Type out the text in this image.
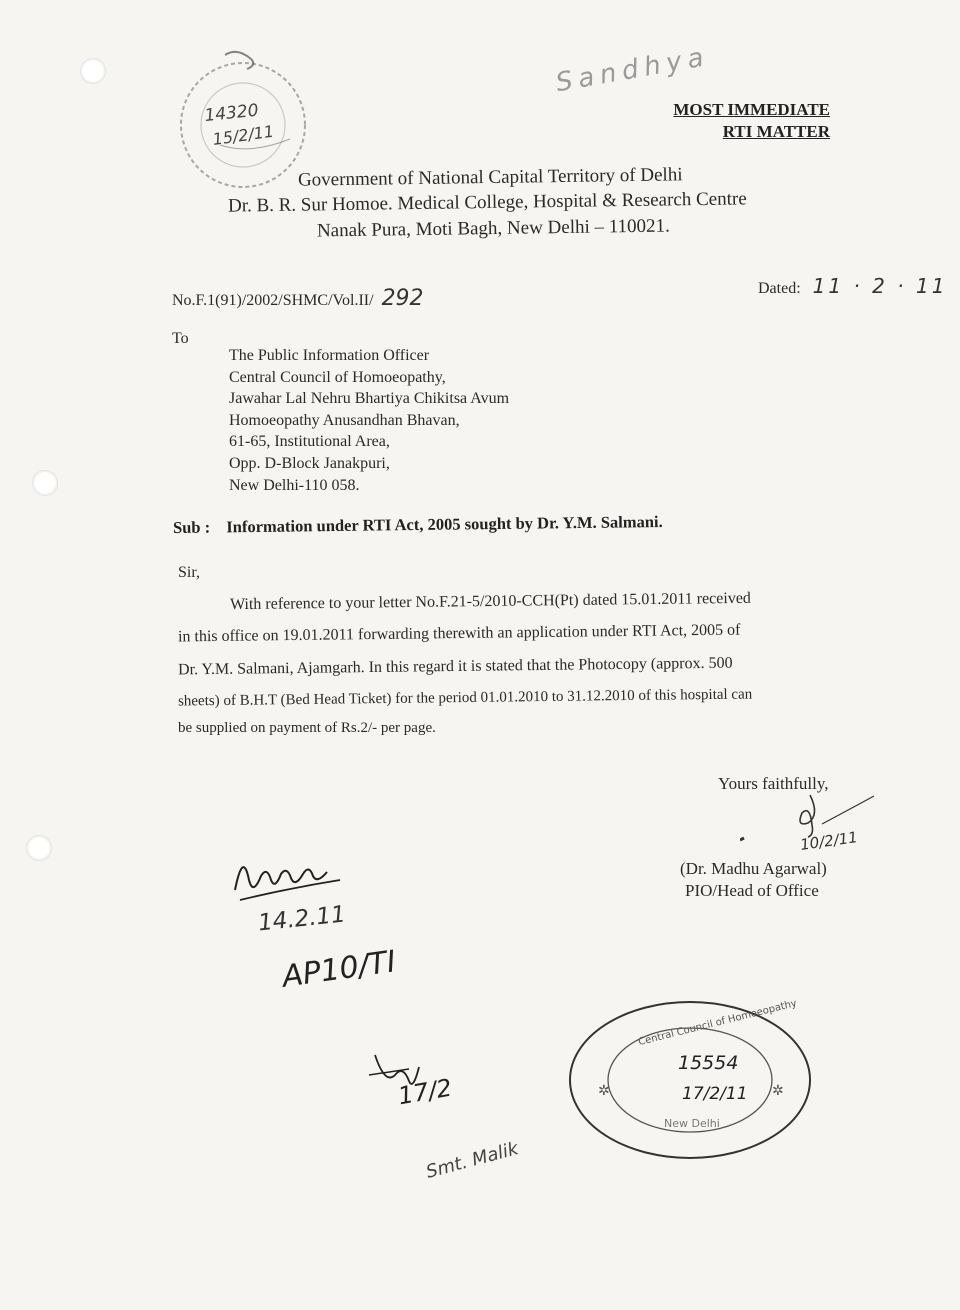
14320
15/2/11
Sandhya
MOST IMMEDIATE
RTI MATTER
Government of National Capital Territory of Delhi
Dr. B. R. Sur Homoe. Medical College, Hospital & Research Centre
Nanak Pura, Moti Bagh, New Delhi – 110021.
No.F.1(91)/2002/SHMC/Vol.II/ 292	Dated: 11 · 2 · 11
To
The Public Information Officer
Central Council of Homoeopathy,
Jawahar Lal Nehru Bhartiya Chikitsa Avum
Homoeopathy Anusandhan Bhavan,
61-65, Institutional Area,
Opp. D-Block Janakpuri,
New Delhi-110 058.
Sub : Information under RTI Act, 2005 sought by Dr. Y.M. Salmani.
Sir,
With reference to your letter No.F.21-5/2010-CCH(Pt) dated 15.01.2011 received
in this office on 19.01.2011 forwarding therewith an application under RTI Act, 2005 of
Dr. Y.M. Salmani, Ajamgarh. In this regard it is stated that the Photocopy (approx. 500
sheets) of B.H.T (Bed Head Ticket) for the period 01.01.2010 to 31.12.2010 of this hospital can
be supplied on payment of Rs.2/- per page.
Yours faithfully,
10/2/11
(Dr. Madhu Agarwal)
PIO/Head of Office
14.2.11
AP10/TI
17/2
Smt. Malik
Central Council of Homoeopathy
15554
17/2/11
New Delhi
✲	✲
